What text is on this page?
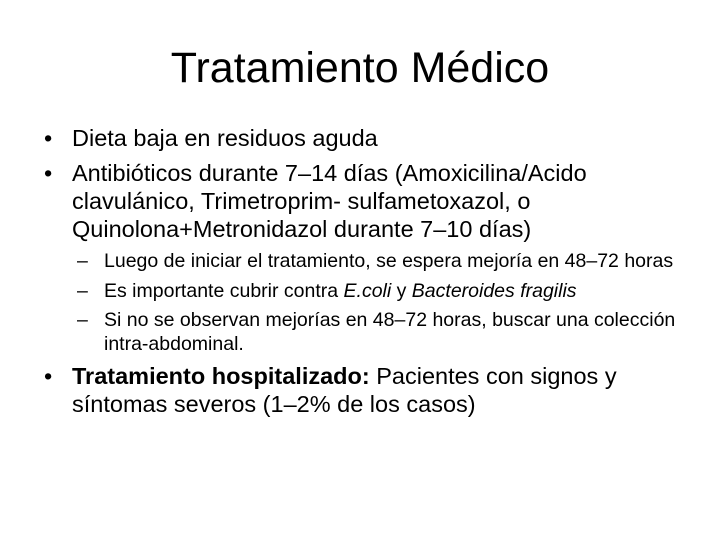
Tratamiento Médico
• Dieta baja en residuos aguda
• Antibióticos durante 7–14 días (Amoxicilina/Acido clavulánico, Trimetroprim- sulfametoxazol, o Quinolona+Metronidazol durante 7–10 días)
– Luego de iniciar el tratamiento, se espera mejoría en 48–72 horas
– Es importante cubrir contra E.coli y Bacteroides fragilis
– Si no se observan mejorías en 48–72 horas, buscar una colección intra-abdominal.
• Tratamiento hospitalizado: Pacientes con signos y síntomas severos (1–2% de los casos)
